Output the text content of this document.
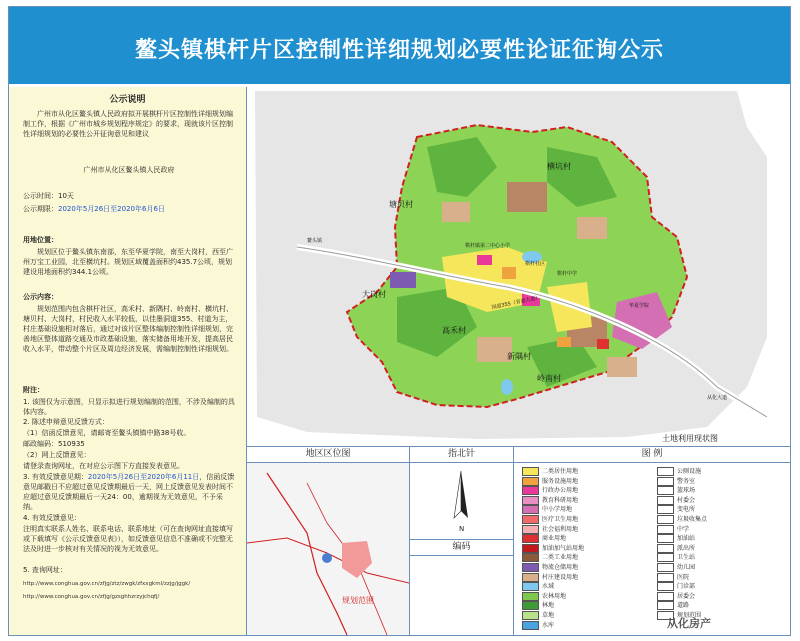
鳌头镇棋杆片区控制性详细规划必要性论证征询公示
公示说明
广州市从化区鳌头镇人民政府拟开展棋杆片区控制性详细规划编制工作，根据《广州市城乡规划程序规定》的要求，现就该片区控制性详细规划的必要性公开征询意见和建议
广州市从化区鳌头镇人民政府
公示时间：10天
公示期限：2020年5月26日至2020年6月6日
用地位置：
规划区位于鳌头镇东南部，东至华夏学院，南至大岗村，西至广州万宝工业园，北至横坑村。规划区域覆盖面积约435.7公顷，规划建设用地面积约344.1公顷。
公示内容：
规划范围内包含棋杆社区，高禾村、新隅村、岭南村、横坑村、塘贝村、大岗村，村民收入水平较低，以佳墨洞道355、村道为主，村庄基础设施相对落后，通过对该片区整体编制控制性详细规划，完善地区整体道路交通及市政基础设施，落实储备用地开发，提高居民收入水平，带动整个片区及周边经济发展，需编制控制性详细规划。
附注：
1. 该图仅为示意图，只显示拟进行规划编制的范围，不涉及编制的具体内容。
2. 陈述申辩意见反馈方式：
（1）信函反馈意见，请邮寄至鳌头镇镇中路38号收。
邮政编码：510935
（2）网上反馈意见：
请登录查询网址，在对应公示图下方直接发表意见。
3. 有效反馈意见期：2020年5月26日至2020年6月11日，信函反馈意见邮戳日不应超过意见反馈期最后一天，网上反馈意见发表时间不应超过意见反馈期最后一天24：00，逾期视为无效意见，不予采纳。
4. 有效反馈意见：
注明真实联系人姓名、联系电话、联系地址（可在查询网址直接填写或下载填写《公示反馈意见表》），如反馈意见信息不准确或不完整无法及时进一步核对有关情况的视为无效意见。
5. 查询网址：
http://www.conghua.gov.cn/zfjg/ztz/zwgk/zfxxgkml/zzjg/jggk/
http://www.conghua.gov.cn/zfjg/gzsghhzrzyjchqfj/
横坑村
塘贝村
大岗村
高禾村
新隅村
岭南村
棋杆社区
华夏学院
棋杆中学
棋杆镇第二中心小学
鳌头镇
国道355（省道大道）
从化大道
土地利用现状图
地区区位图
规划范围
指北针
N
编码
图 例
二类居住用地
服务设施用地
行政办公用地
教育科研用地
中小学用地
医疗卫生用地
社会福利用地
商业用地
加油加气站用地
二类工业用地
物流仓储用地
村庄建设用地
水域
农林用地
林地
草地
水库
公厕设施
警务室
篮球场
村委会
变电所
垃圾收集点
中学
加油站
派出所
卫生站
幼儿园
医院
门诊部
居委会
道路
规划范围
从化房产
